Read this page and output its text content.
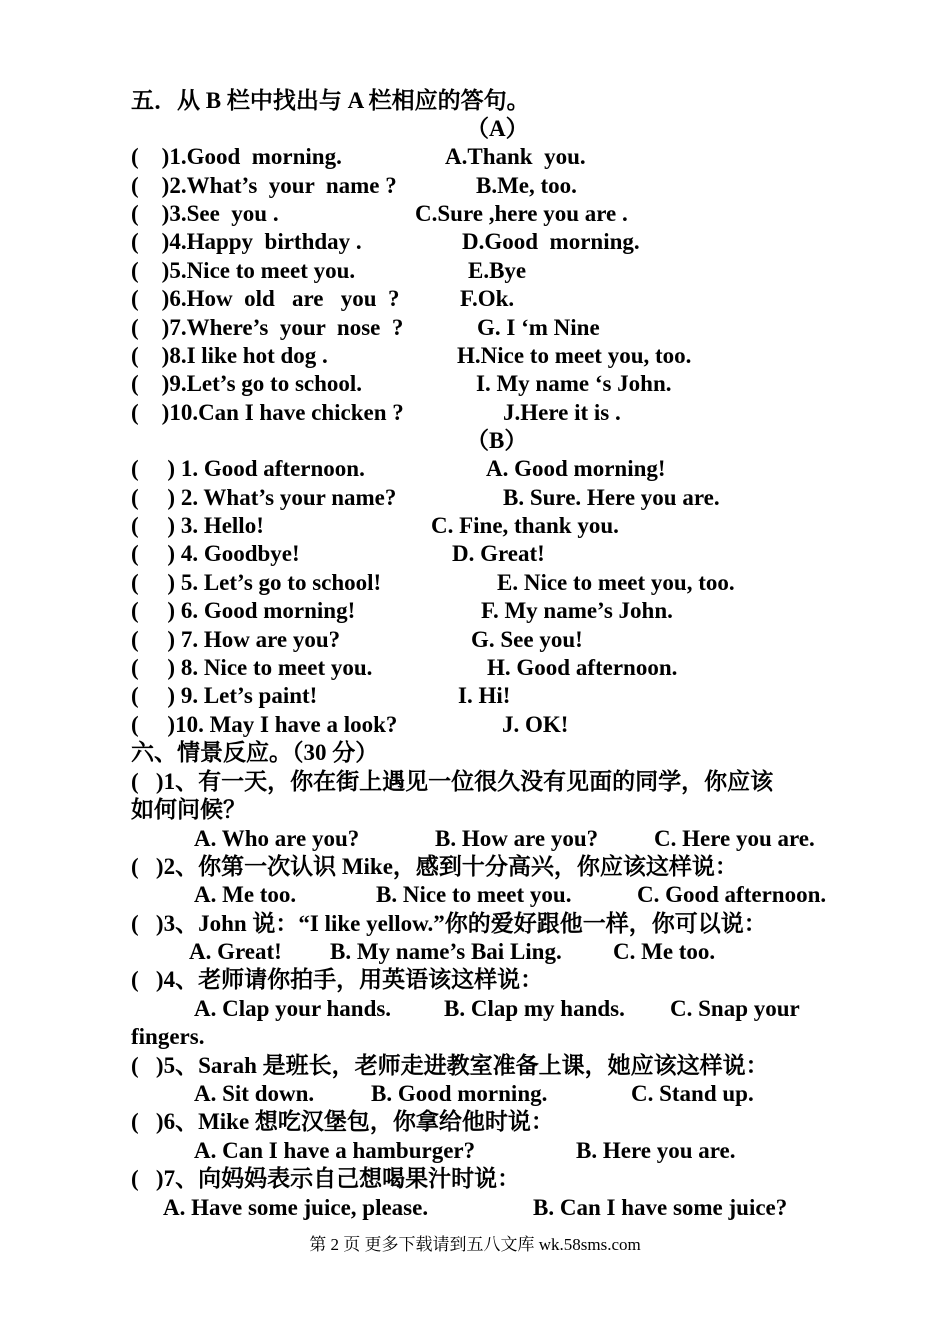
五．从 B 栏中找出与 A 栏相应的答句。
（A）
(    )1.Good  morning.	A.Thank  you.
(    )2.What’s  your  name ?	B.Me, too.
(    )3.See  you .	C.Sure ,here you are .
(    )4.Happy  birthday .	D.Good  morning.
(    )5.Nice to meet you.	E.Bye
(    )6.How  old   are   you  ?	F.Ok.
(    )7.Where’s  your  nose  ?	G. I ‘m Nine
(    )8.I like hot dog .	H.Nice to meet you, too.
(    )9.Let’s go to school.	I. My name ‘s John.
(    )10.Can I have chicken ?	J.Here it is .
（B）
(     ) 1. Good afternoon.	A. Good morning!
(     ) 2. What’s your name?	B. Sure. Here you are.
(     ) 3. Hello!	C. Fine, thank you.
(     ) 4. Goodbye!	D. Great!
(     ) 5. Let’s go to school!	E. Nice to meet you, too.
(     ) 6. Good morning!	F. My name’s John.
(     ) 7. How are you?	G. See you!
(     ) 8. Nice to meet you.	H. Good afternoon.
(     ) 9. Let’s paint!	I. Hi!
(     )10. May I have a look?	J. OK!
六、情景反应。（30 分）
(   )1、有一天，你在街上遇见一位很久没有见面的同学，你应该
如何问候？
A. Who are you?	B. How are you? C. Here you are.
(   )2、你第一次认识 Mike，感到十分高兴，你应该这样说：
A. Me too.	B. Nice to meet you.	C. Good afternoon.
(   )3、John 说：“I like yellow.”你的爱好跟他一样，你可以说：
A. Great! B. My name’s Bai Ling. C. Me too.
(   )4、老师请你拍手，用英语该这样说：
A. Clap your hands. B. Clap my hands. C. Snap your
fingers.
(   )5、Sarah 是班长，老师走进教室准备上课，她应该这样说：
A. Sit down. B. Good morning.	C. Stand up.
(   )6、Mike 想吃汉堡包，你拿给他时说：
A. Can I have a hamburger?	B. Here you are.
(   )7、向妈妈表示自己想喝果汁时说：
A. Have some juice, please.	B. Can I have some juice?
第 2 页 更多下载请到五八文库 wk.58sms.com
